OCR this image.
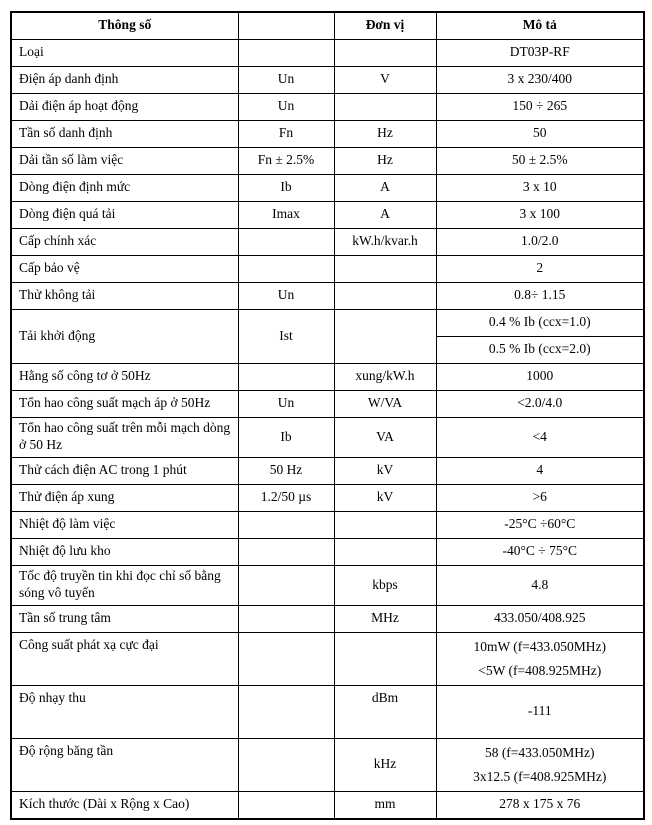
Thông số		Đơn vị	Mô tả
Loại			DT03P-RF
Điện áp danh định	Un	V	3 x 230/400
Dải điện áp hoạt động	Un		150 ÷ 265
Tần số danh định	Fn	Hz	50
Dải tần số làm việc	Fn ± 2.5%	Hz	50 ± 2.5%
Dòng điện định mức	Ib	A	3 x 10
Dòng điện quá tải	Imax	A	3 x 100
Cấp chính xác		kW.h/kvar.h	1.0/2.0
Cấp bảo vệ			2
Thử không tải	Un		0.8÷ 1.15
Tải khởi động	Ist		0.4 % Ib (ccx=1.0)
			0.5 % Ib (ccx=2.0)
Hằng số công tơ ở 50Hz		xung/kW.h	1000
Tổn hao công suất mạch áp ở 50Hz	Un	W/VA	<2.0/4.0
Tổn hao công suất trên mỗi mạch dòng ở 50 Hz	Ib	VA	<4
Thử cách điện AC trong 1 phút	50 Hz	kV	4
Thử điện áp xung	1.2/50 µs	kV	>6
Nhiệt độ làm việc			-25°C ÷60°C
Nhiệt độ lưu kho			-40°C ÷ 75°C
Tốc độ truyền tin khi đọc chỉ số bằng sóng vô tuyến		kbps	4.8
Tần số trung tâm		MHz	433.050/408.925
Công suất phát xạ cực đại			10mW (f=433.050MHz)
<5W (f=408.925MHz)

Độ nhạy thu		dBm	-111
Độ rộng băng tần		kHz	58 (f=433.050MHz)
3x12.5 (f=408.925MHz)

Kích thước (Dài x Rộng x Cao)		mm	278 x 175 x 76
